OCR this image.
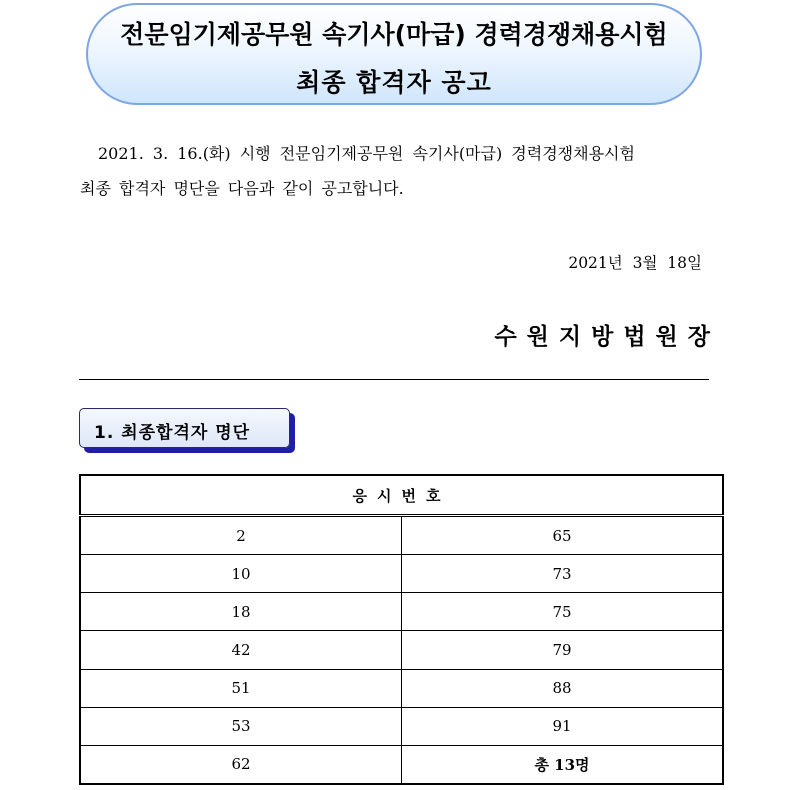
전문임기제공무원 속기사(마급) 경력경쟁채용시험
최종 합격자 공고
2021. 3. 16.(화) 시행 전문임기제공무원 속기사(마급) 경력경쟁채용시험
최종 합격자 명단을 다음과 같이 공고합니다.
2021년  3월  18일
수원지방법원장
1. 최종합격자 명단
응시번호	
2	65
10	73
18	75
42	79
51	88
53	91
62	총 13명
